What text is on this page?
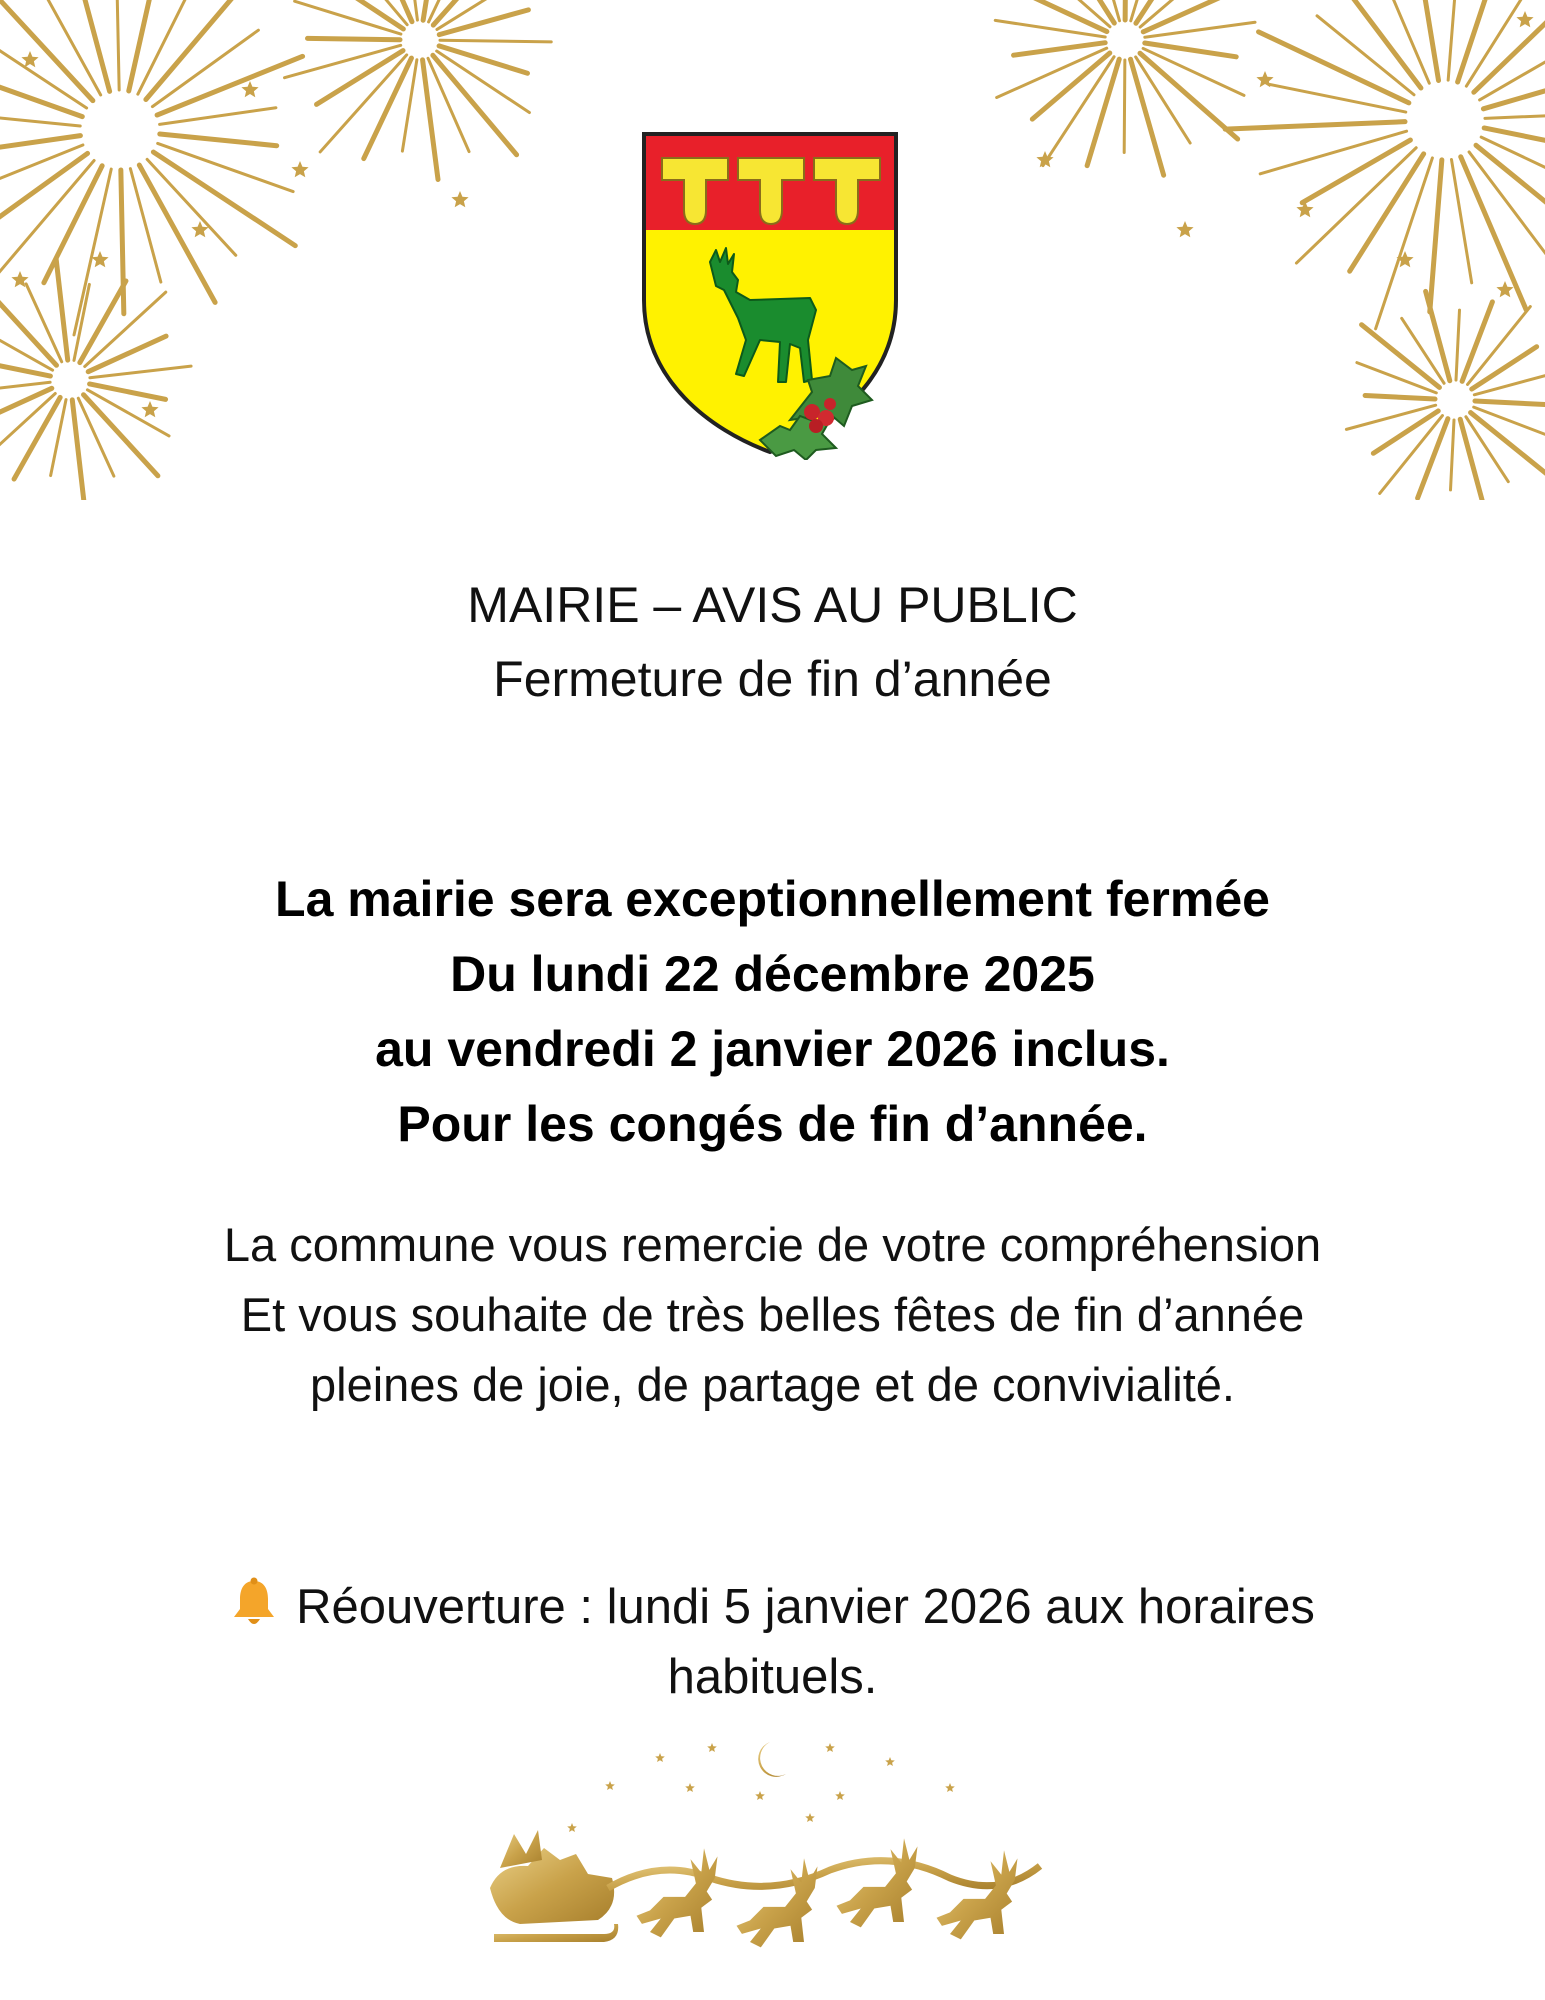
MAIRIE – AVIS AU PUBLIC
Fermeture de fin d’année
La mairie sera exceptionnellement fermée
Du lundi 22 décembre 2025
au vendredi 2 janvier 2026 inclus.
Pour les congés de fin d’année.
La commune vous remercie de votre compréhension
Et vous souhaite de très belles fêtes de fin d’année
pleines de joie, de partage et de convivialité.
Réouverture : lundi 5 janvier 2026 aux horaires
habituels.
